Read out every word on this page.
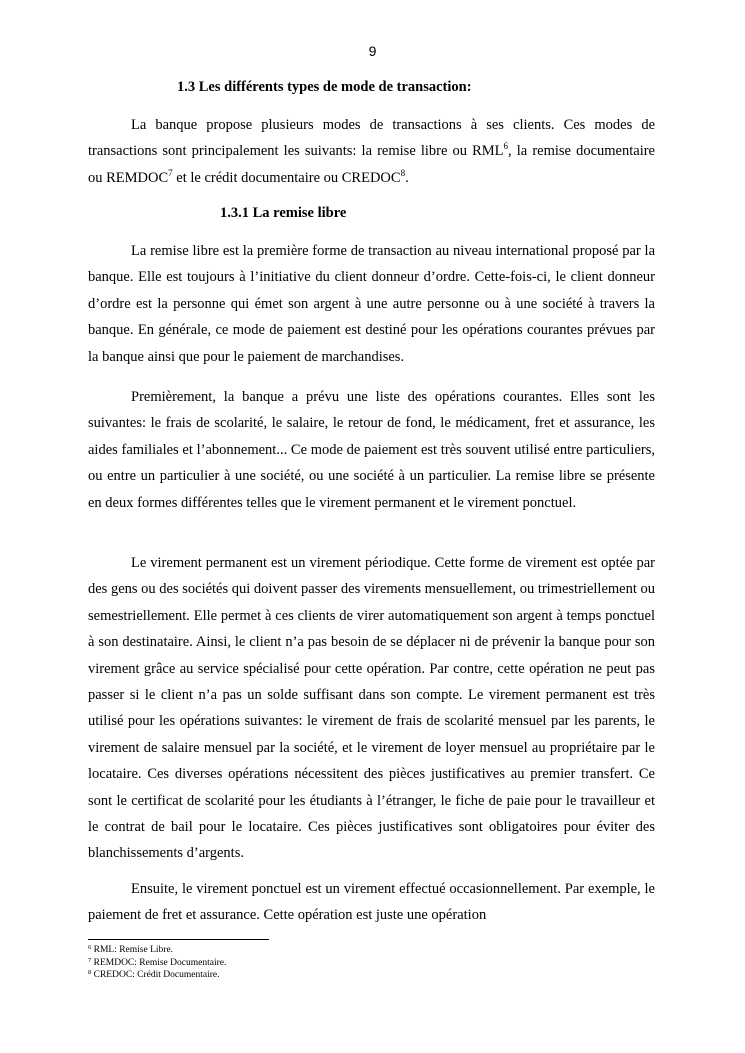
9
1.3 Les différents types de mode de transaction:

La banque propose plusieurs modes de transactions à ses clients. Ces modes de transactions sont principalement les suivants: la remise libre ou RML$^6$, la remise documentaire ou REMDOC$^7$ et le crédit documentaire ou CREDOC$^8$.

1.3.1 La remise libre

La remise libre est la première forme de transaction au niveau international proposé par la banque. Elle est toujours à l’initiative du client donneur d’ordre. Cette-fois-ci, le client donneur d’ordre est la personne qui émet son argent à une autre personne ou à une société à travers la banque. En générale, ce mode de paiement est destiné pour les opérations courantes prévues par la banque ainsi que pour le paiement de marchandises.

Premièrement, la banque a prévu une liste des opérations courantes. Elles sont les suivantes: le frais de scolarité, le salaire, le retour de fond, le médicament, fret et assurance, les aides familiales et l’abonnement... Ce mode de paiement est très souvent utilisé entre particuliers, ou entre un particulier à une société, ou une société à un particulier. La remise libre se présente en deux formes différentes telles que le virement permanent et le virement ponctuel.

Le virement permanent est un virement périodique. Cette forme de virement est optée par des gens ou des sociétés qui doivent passer des virements mensuellement, ou trimestriellement ou semestriellement. Elle permet à ces clients de virer automatiquement son argent à temps ponctuel à son destinataire. Ainsi, le client n’a pas besoin de se déplacer ni de prévenir la banque pour son virement grâce au service spécialisé pour cette opération. Par contre, cette opération ne peut pas passer si le client n’a pas un solde suffisant dans son compte. Le virement permanent est très utilisé pour les opérations suivantes: le virement de frais de scolarité mensuel par les parents, le virement de salaire mensuel par la société, et le virement de loyer mensuel au propriétaire par le locataire. Ces diverses opérations nécessitent des pièces justificatives au premier transfert. Ce sont le certificat de scolarité pour les étudiants à l’étranger, le fiche de paie pour le travailleur et le contrat de bail pour le locataire. Ces pièces justificatives sont obligatoires pour éviter des blanchissements d’argents.

Ensuite, le virement ponctuel est un virement effectué occasionnellement. Par exemple, le paiement de fret et assurance. Cette opération est juste une opération

$^6$ RML: Remise Libre.
$^7$ REMDOC: Remise Documentaire.
$^8$ CREDOC: Crédit Documentaire.
